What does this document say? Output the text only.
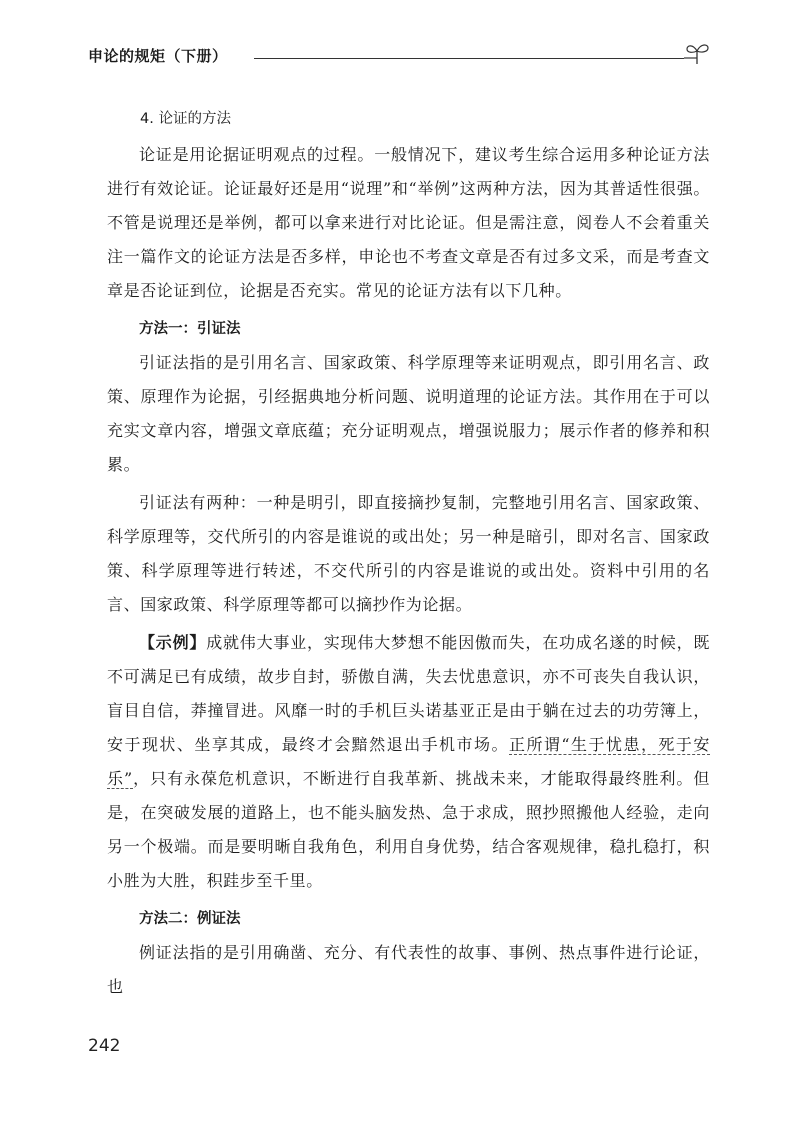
申论的规矩（下册）

4. 论证的方法

论证是用论据证明观点的过程。一般情况下，建议考生综合运用多种论证方法进行有效论证。论证最好还是用“说理”和“举例”这两种方法，因为其普适性很强。不管是说理还是举例，都可以拿来进行对比论证。但是需注意，阅卷人不会着重关注一篇作文的论证方法是否多样，申论也不考查文章是否有过多文采，而是考查文章是否论证到位，论据是否充实。常见的论证方法有以下几种。

方法一：引证法

引证法指的是引用名言、国家政策、科学原理等来证明观点，即引用名言、政策、原理作为论据，引经据典地分析问题、说明道理的论证方法。其作用在于可以充实文章内容，增强文章底蕴；充分证明观点，增强说服力；展示作者的修养和积累。

引证法有两种：一种是明引，即直接摘抄复制，完整地引用名言、国家政策、科学原理等，交代所引的内容是谁说的或出处；另一种是暗引，即对名言、国家政策、科学原理等进行转述，不交代所引的内容是谁说的或出处。资料中引用的名言、国家政策、科学原理等都可以摘抄作为论据。

【示例】成就伟大事业，实现伟大梦想不能因傲而失，在功成名遂的时候，既不可满足已有成绩，故步自封，骄傲自满，失去忧患意识，亦不可丧失自我认识，盲目自信，莽撞冒进。风靡一时的手机巨头诺基亚正是由于躺在过去的功劳簿上，安于现状、坐享其成，最终才会黯然退出手机市场。正所谓“生于忧患，死于安乐”，只有永葆危机意识，不断进行自我革新、挑战未来，才能取得最终胜利。但是，在突破发展的道路上，也不能头脑发热、急于求成，照抄照搬他人经验，走向另一个极端。而是要明晰自我角色，利用自身优势，结合客观规律，稳扎稳打，积小胜为大胜，积跬步至千里。

方法二：例证法

例证法指的是引用确凿、充分、有代表性的故事、事例、热点事件进行论证，也

242
